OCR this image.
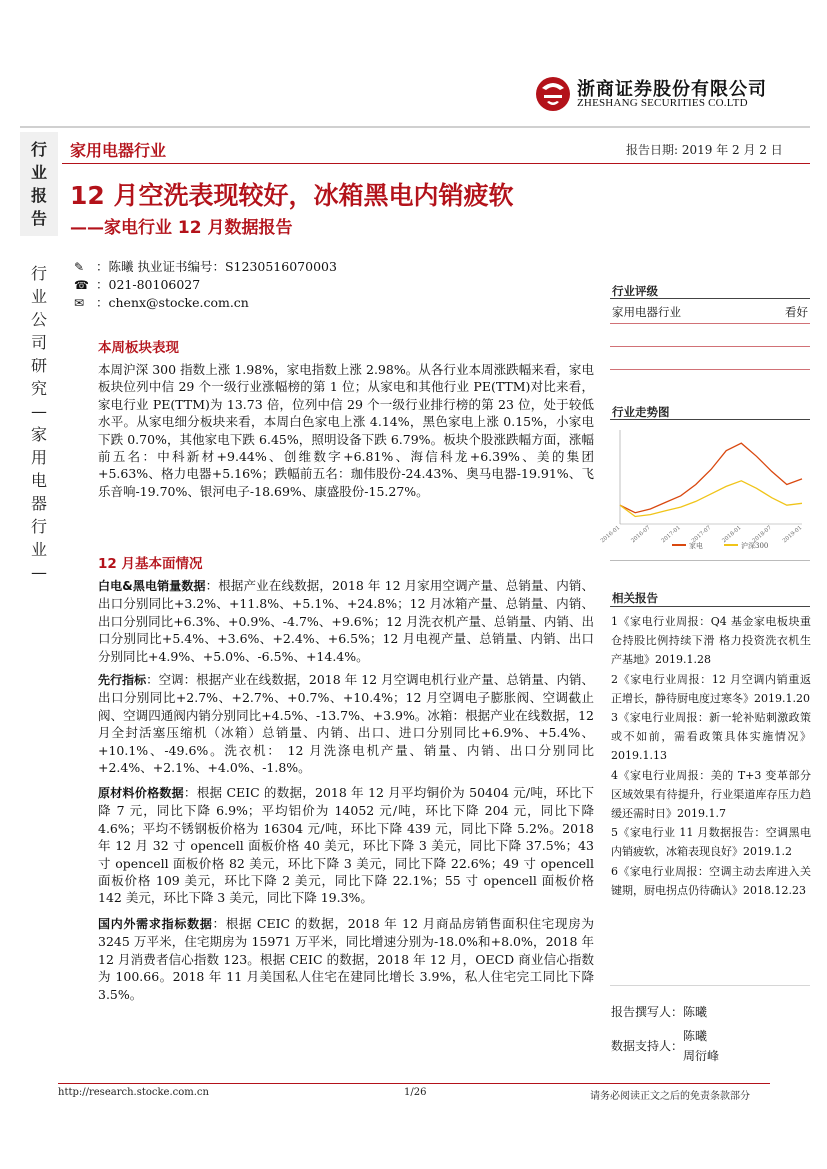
浙商证券股份有限公司
ZHESHANG SECURITIES CO.LTD
行
业
报
告
行
业
公
司
研
究
—
家
用
电
器
行
业
—
家用电器行业	报告日期: 2019 年 2 月 2 日
12 月空洗表现较好，冰箱黑电内销疲软
——家电行业 12 月数据报告
✎ ：陈曦 执业证书编号：S1230516070003
☎ ：021-80106027
✉ ：chenx@stocke.com.cn
本周板块表现

本周沪深 300 指数上涨 1.98%，家电指数上涨 2.98%。从各行业本周涨跌幅来看，家电板块位列中信 29 个一级行业涨幅榜的第 1 位；从家电和其他行业 PE(TTM)对比来看，家电行业 PE(TTM)为 13.73 倍，位列中信 29 个一级行业排行榜的第 23 位，处于较低水平。从家电细分板块来看，本周白色家电上涨 4.14%，黑色家电上涨 0.15%，小家电下跌 0.70%，其他家电下跌 6.45%，照明设备下跌 6.79%。板块个股涨跌幅方面，涨幅前五名：中科新材+9.44%、创维数字+6.81%、海信科龙+6.39%、美的集团+5.63%、格力电器+5.16%；跌幅前五名：珈伟股份-24.43%、奥马电器-19.91%、飞乐音响-19.70%、银河电子-18.69%、康盛股份-15.27%。

12 月基本面情况

白电&黑电销量数据：根据产业在线数据，2018 年 12 月家用空调产量、总销量、内销、出口分别同比+3.2%、+11.8%、+5.1%、+24.8%；12 月冰箱产量、总销量、内销、出口分别同比+6.3%、+0.9%、-4.7%、+9.6%；12 月洗衣机产量、总销量、内销、出口分别同比+5.4%、+3.6%、+2.4%、+6.5%；12 月电视产量、总销量、内销、出口分别同比+4.9%、+5.0%、-6.5%、+14.4%。

先行指标：空调：根据产业在线数据，2018 年 12 月空调电机行业产量、总销量、内销、出口分别同比+2.7%、+2.7%、+0.7%、+10.4%；12 月空调电子膨胀阀、空调截止阀、空调四通阀内销分别同比+4.5%、-13.7%、+3.9%。冰箱：根据产业在线数据，12 月全封活塞压缩机（冰箱）总销量、内销、出口、进口分别同比+6.9%、+5.4%、+10.1%、-49.6%。洗衣机： 12 月洗涤电机产量、销量、内销、出口分别同比+2.4%、+2.1%、+4.0%、-1.8%。

原材料价格数据：根据 CEIC 的数据，2018 年 12 月平均铜价为 50404 元/吨，环比下降 7 元，同比下降 6.9%；平均铝价为 14052 元/吨，环比下降 204 元，同比下降 4.6%；平均不锈钢板价格为 16304 元/吨，环比下降 439 元，同比下降 5.2%。2018 年 12 月 32 寸 opencell 面板价格 40 美元，环比下降 3 美元，同比下降 37.5%；43 寸 opencell 面板价格 82 美元，环比下降 3 美元，同比下降 22.6%；49 寸 opencell 面板价格 109 美元，环比下降 2 美元，同比下降 22.1%；55 寸 opencell 面板价格 142 美元，环比下降 3 美元，同比下降 19.3%。

国内外需求指标数据：根据 CEIC 的数据，2018 年 12 月商品房销售面积住宅现房为 3245 万平米，住宅期房为 15971 万平米，同比增速分别为-18.0%和+8.0%，2018 年 12 月消费者信心指数 123。根据 CEIC 的数据，2018 年 12 月，OECD 商业信心指数为 100.66。2018 年 11 月美国私人住宅在建同比增长 3.9%，私人住宅完工同比下降 3.5%。

行业评级
家用电器行业	看好
行业走势图
2016-01 2016-07 2017-01 2017-07 2018-01 2018-07 2019-01
家电	沪深300
相关报告

1《家电行业周报：Q4 基金家电板块重仓持股比例持续下滑 格力投资洗衣机生产基地》2019.1.28

2《家电行业周报：12 月空调内销重返正增长，静待厨电度过寒冬》2019.1.20

3《家电行业周报：新一轮补贴刺激政策或不如前，需看政策具体实施情况》2019.1.13

4《家电行业周报：美的 T+3 变革部分区域效果有待提升，行业渠道库存压力趋缓还需时日》2019.1.7

5《家电行业 11 月数据报告：空调黑电内销疲软，冰箱表现良好》2019.1.2

6《家电行业周报：空调主动去库进入关键期，厨电拐点仍待确认》2018.12.23

报告撰写人：陈曦
数据支持人：
陈曦
周衍峰
http://research.stocke.com.cn	1/26	请务必阅读正文之后的免责条款部分
